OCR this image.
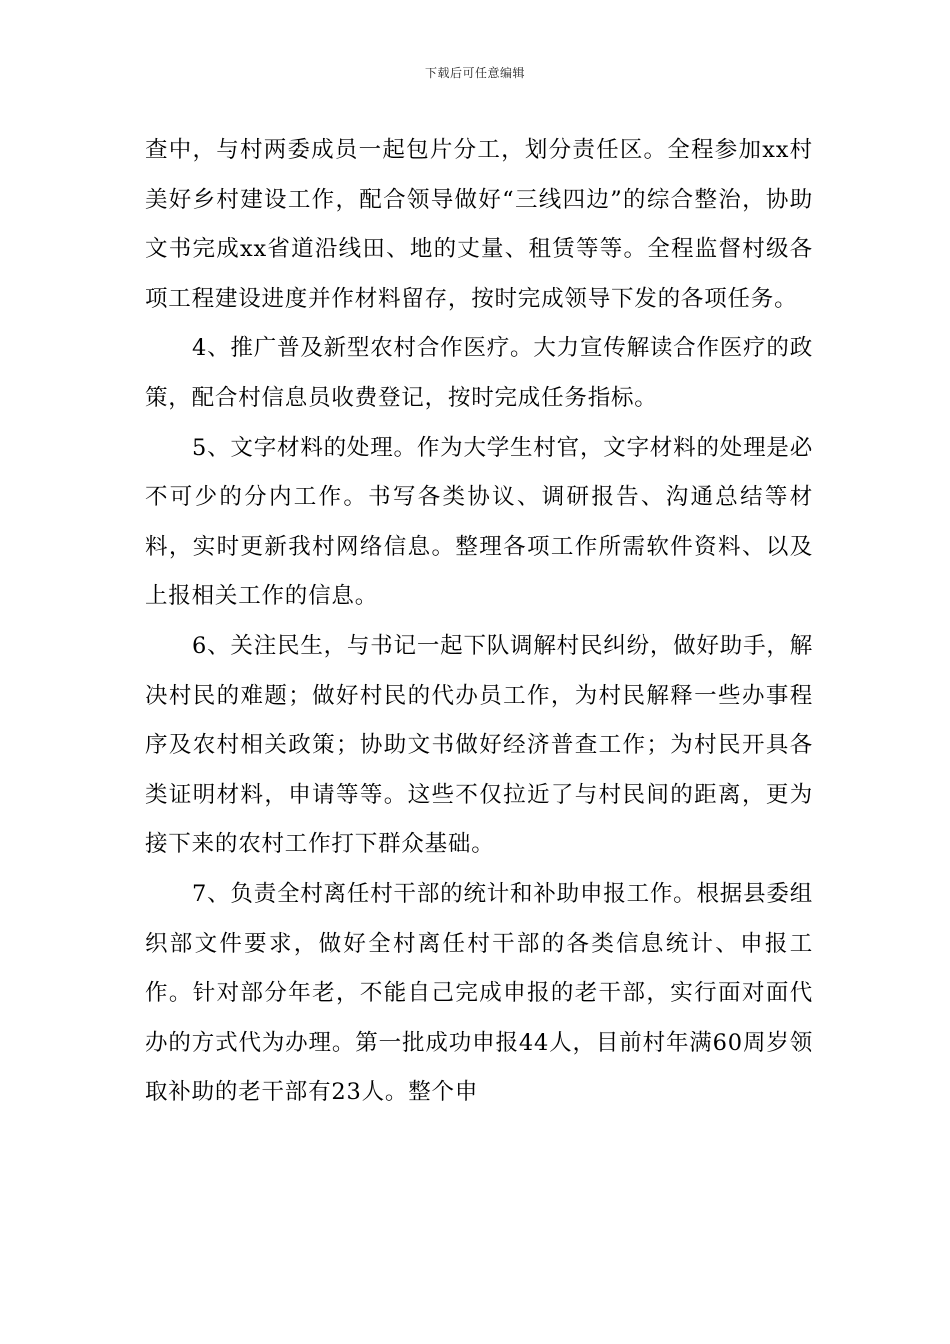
下载后可任意编辑

查中，与村两委成员一起包片分工，划分责任区。全程参加xx村美好乡村建设工作，配合领导做好“三线四边”的综合整治，协助文书完成xx省道沿线田、地的丈量、租赁等等。全程监督村级各项工程建设进度并作材料留存，按时完成领导下发的各项任务。

4、推广普及新型农村合作医疗。大力宣传解读合作医疗的政策，配合村信息员收费登记，按时完成任务指标。

5、文字材料的处理。作为大学生村官，文字材料的处理是必不可少的分内工作。书写各类协议、调研报告、沟通总结等材料，实时更新我村网络信息。整理各项工作所需软件资料、以及上报相关工作的信息。

6、关注民生，与书记一起下队调解村民纠纷，做好助手，解决村民的难题；做好村民的代办员工作，为村民解释一些办事程序及农村相关政策；协助文书做好经济普查工作；为村民开具各类证明材料，申请等等。这些不仅拉近了与村民间的距离，更为接下来的农村工作打下群众基础。

7、负责全村离任村干部的统计和补助申报工作。根据县委组织部文件要求，做好全村离任村干部的各类信息统计、申报工作。针对部分年老，不能自己完成申报的老干部，实行面对面代办的方式代为办理。第一批成功申报44人，目前村年满60周岁领取补助的老干部有23人。整个申
